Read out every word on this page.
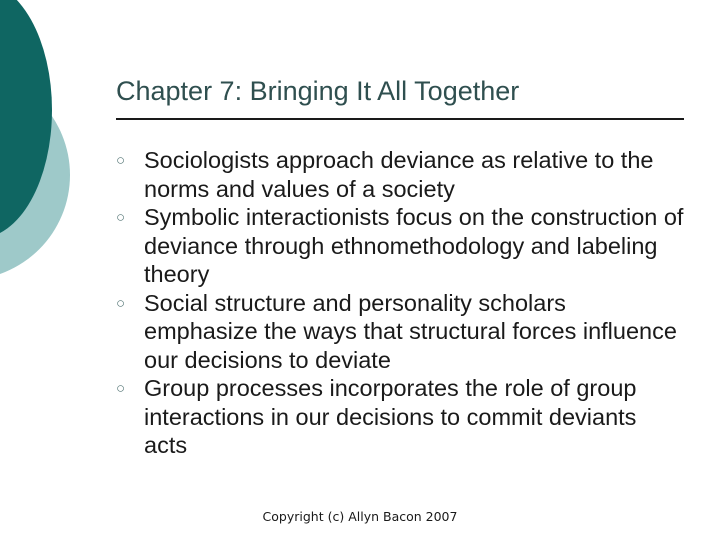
Chapter 7: Bringing It All Together
○ Sociologists approach deviance as relative to the norms and values of a society
○ Symbolic interactionists focus on the construction of deviance through ethnomethodology and labeling theory
○ Social structure and personality scholars emphasize the ways that structural forces influence our decisions to deviate
○ Group processes incorporates the role of group interactions in our decisions to commit deviants acts
Copyright (c) Allyn Bacon 2007
